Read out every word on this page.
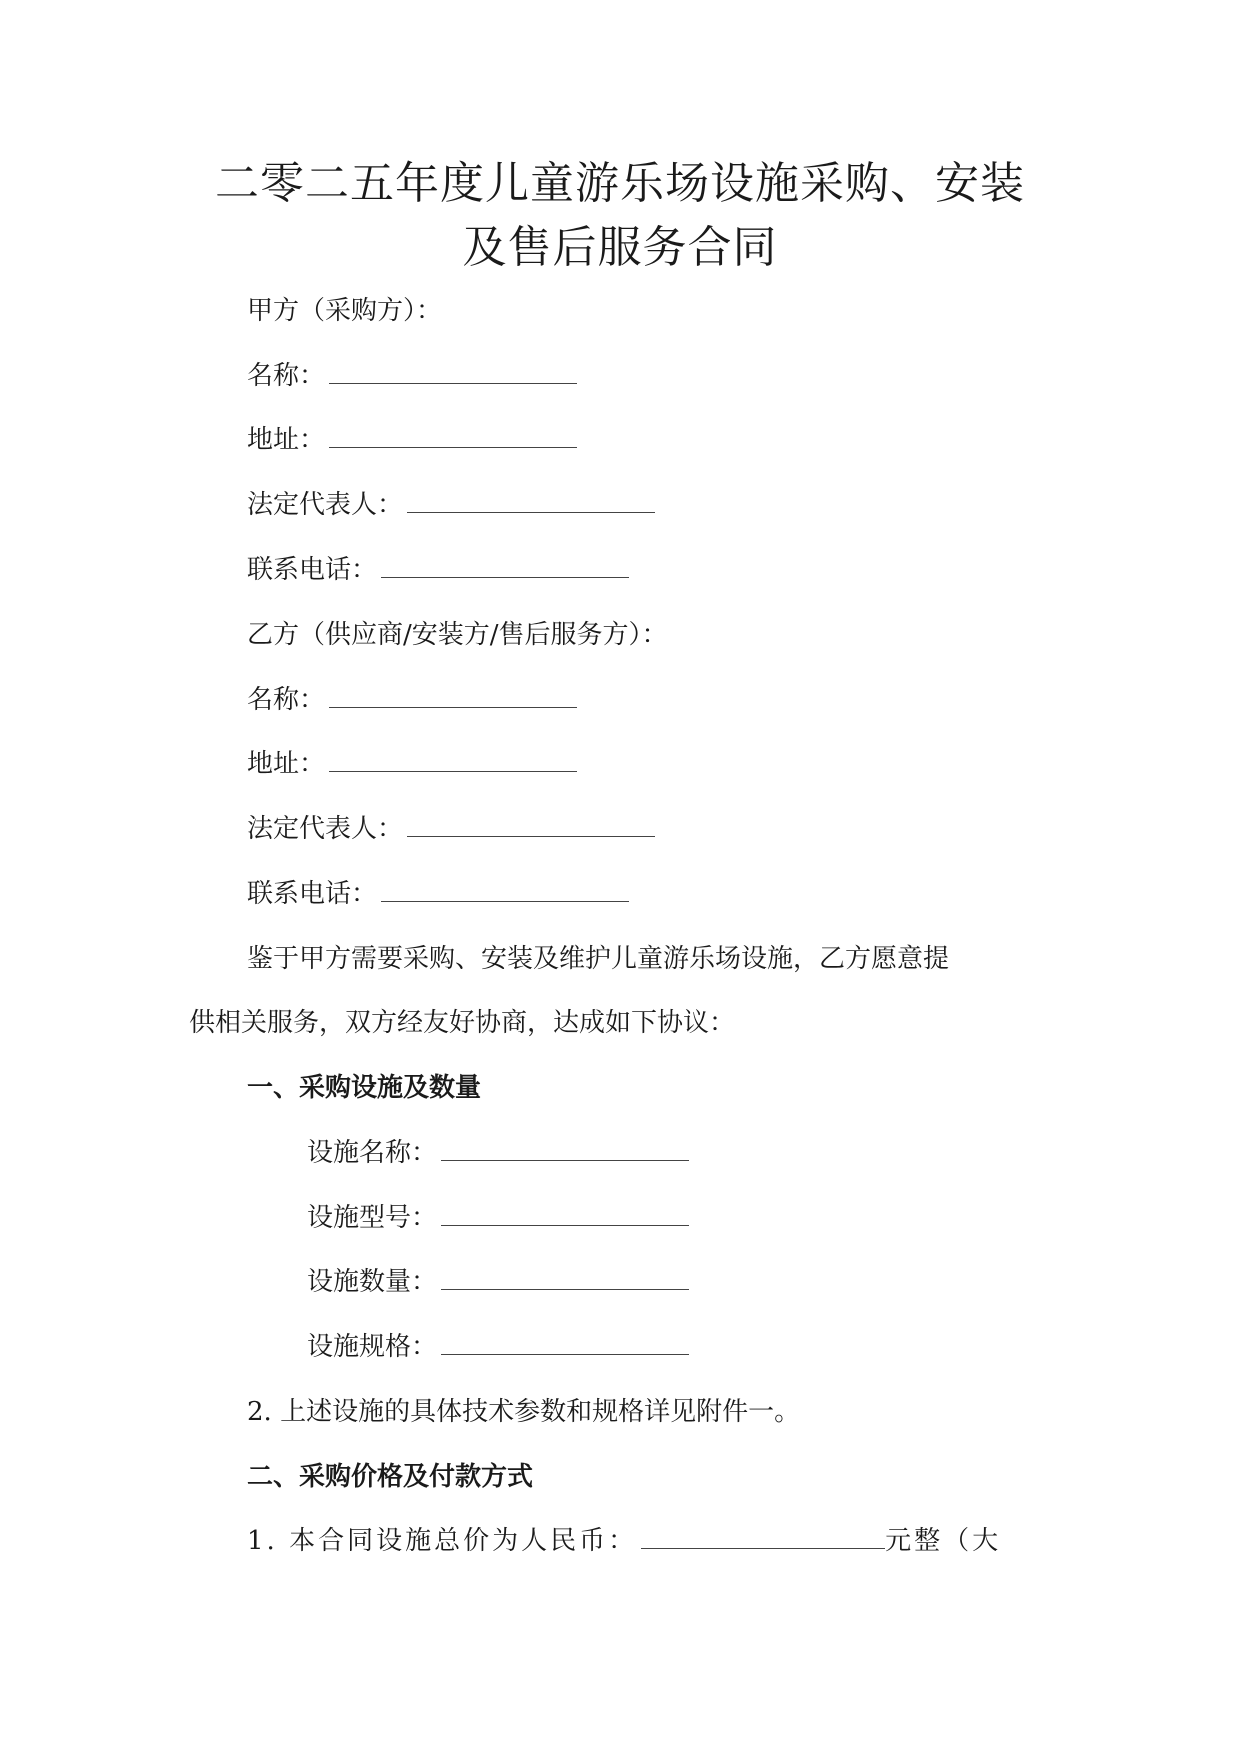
二零二五年度儿童游乐场设施采购、安装
及售后服务合同
甲方（采购方）：
名称：
地址：
法定代表人：
联系电话：
乙方（供应商/安装方/售后服务方）：
名称：
地址：
法定代表人：
联系电话：
鉴于甲方需要采购、安装及维护儿童游乐场设施，乙方愿意提
供相关服务，双方经友好协商，达成如下协议：
一、采购设施及数量
设施名称：
设施型号：
设施数量：
设施规格：
2. 上述设施的具体技术参数和规格详见附件一。
二、采购价格及付款方式
1. 本合同设施总价为人民币：	元整（大
